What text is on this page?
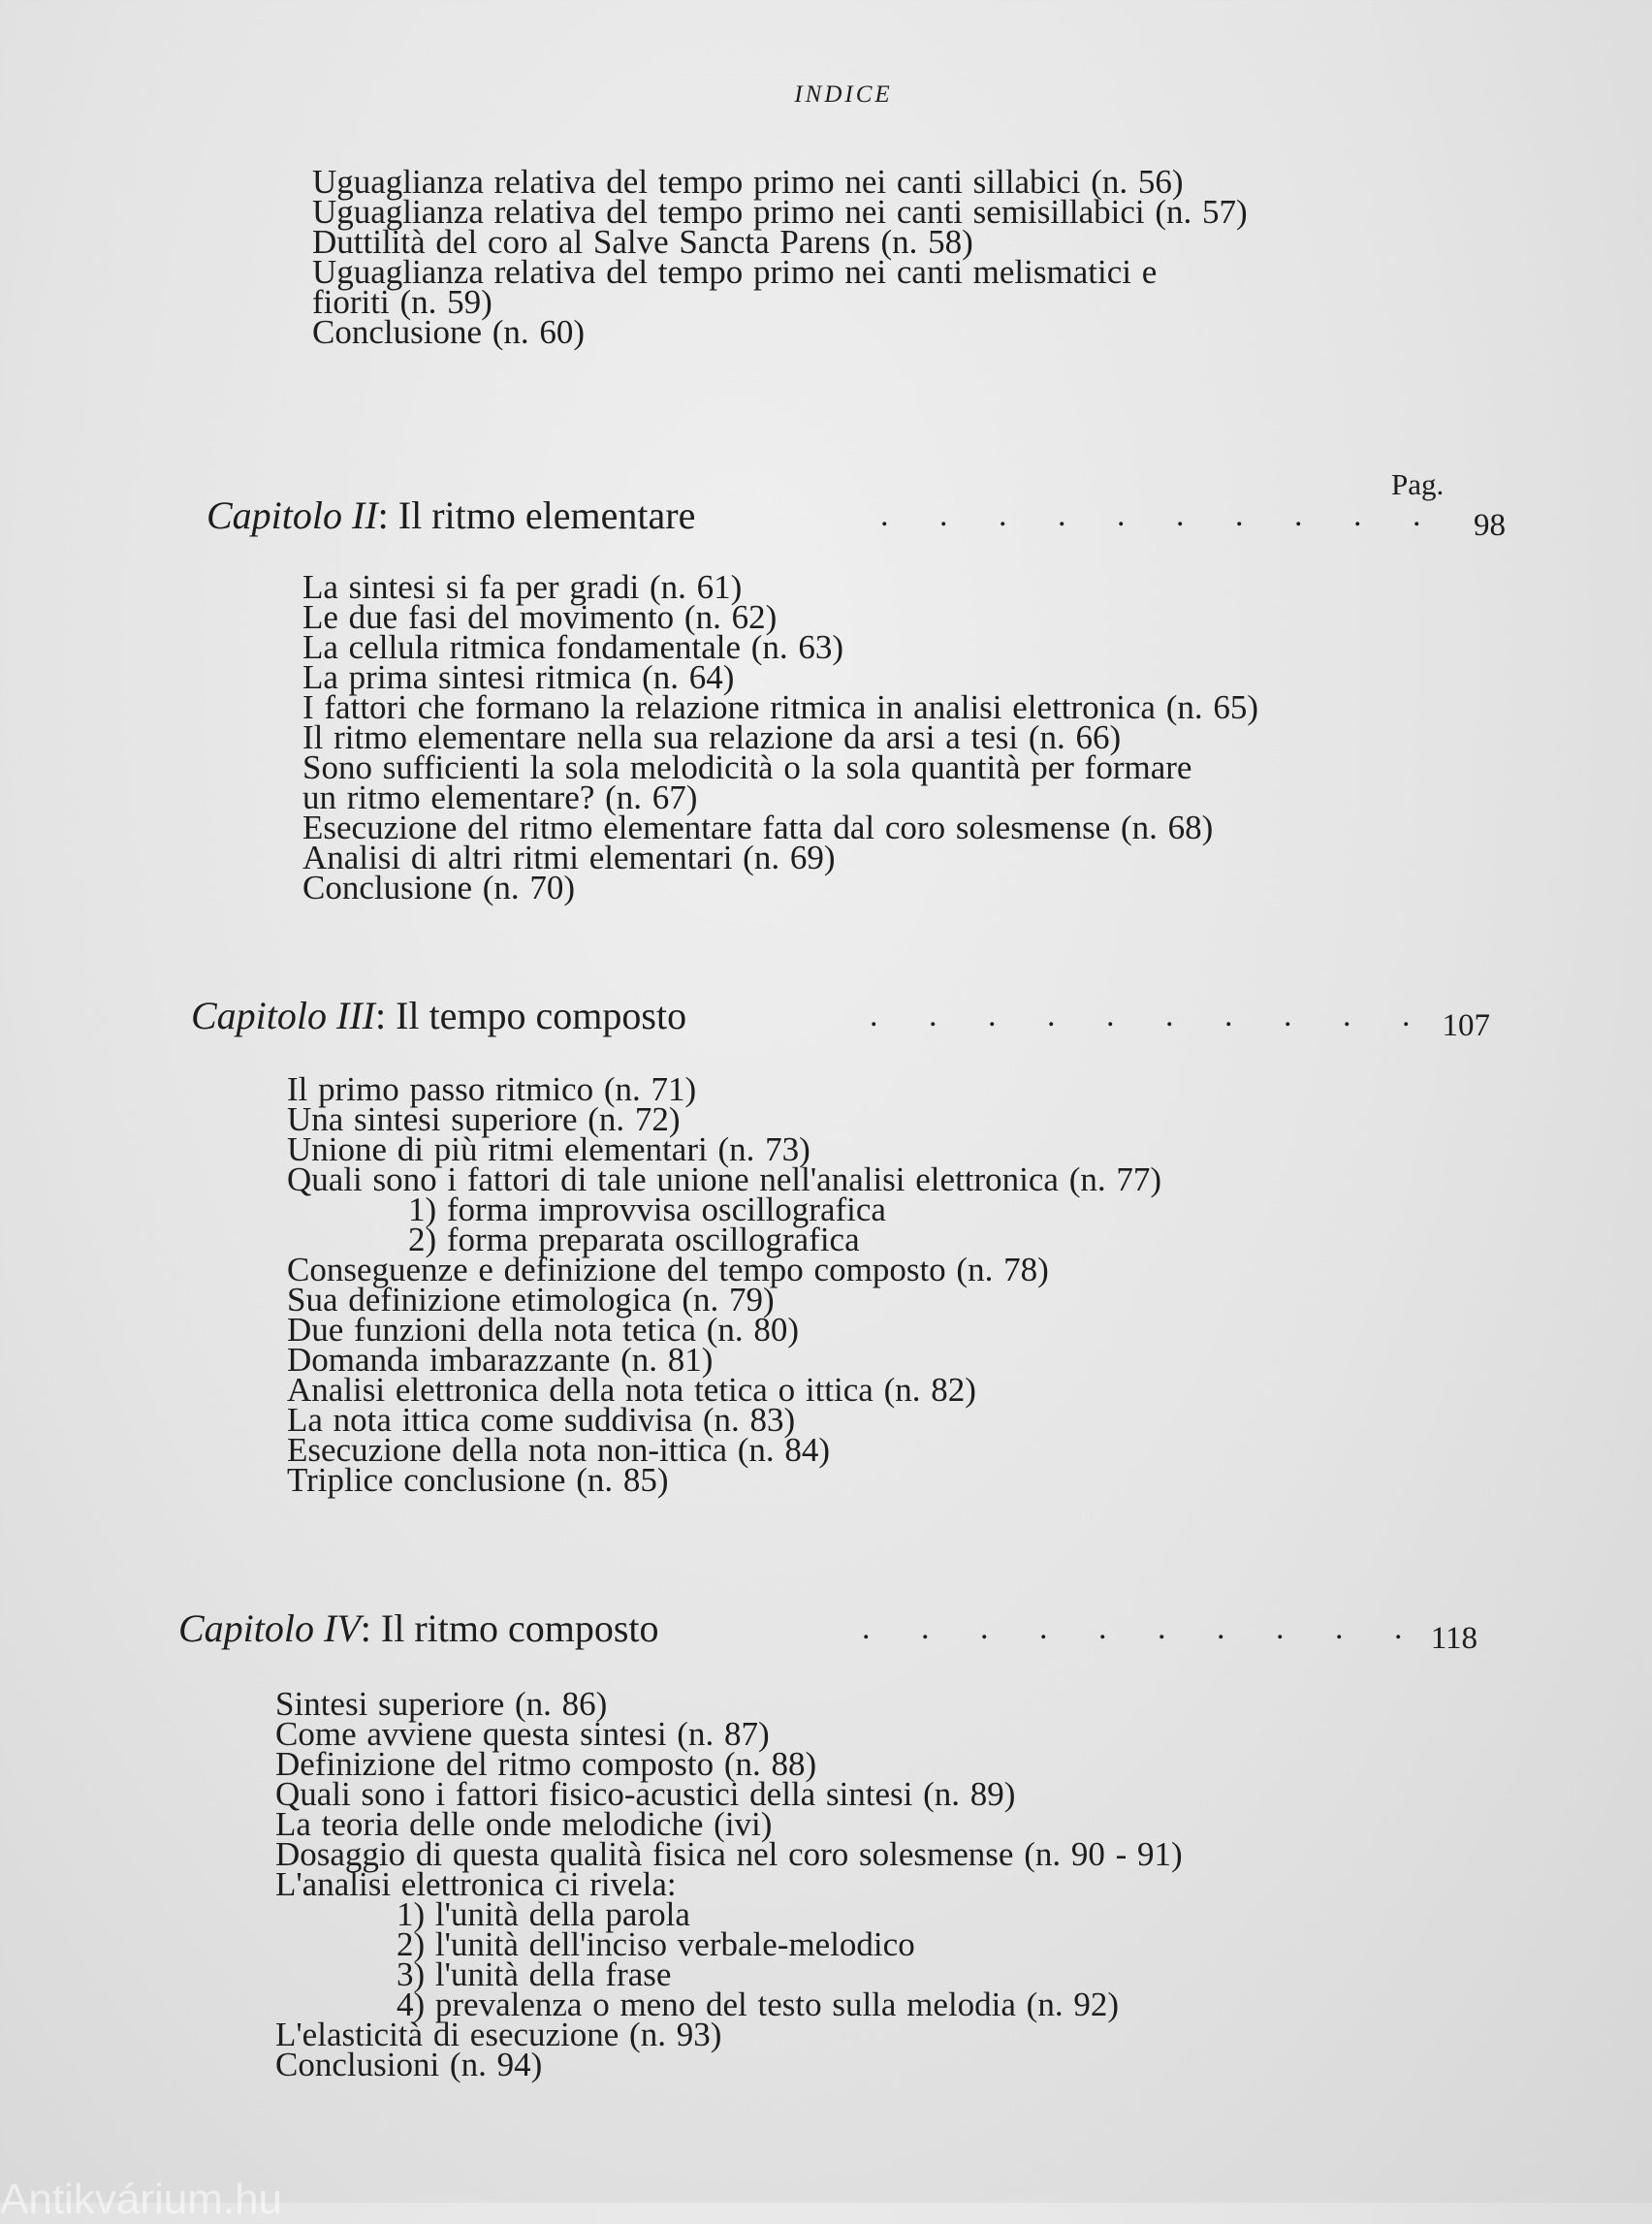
INDICE
Uguaglianza relativa del tempo primo nei canti sillabici (n. 56)
Uguaglianza relativa del tempo primo nei canti semisillabici (n. 57)
Duttilità del coro al Salve Sancta Parens (n. 58)
Uguaglianza relativa del tempo primo nei canti melismatici e
fioriti (n. 59)
Conclusione (n. 60)
Pag.
Capitolo II: Il ritmo elementare	. . . . . . . . . . 98
La sintesi si fa per gradi (n. 61)
Le due fasi del movimento (n. 62)
La cellula ritmica fondamentale (n. 63)
La prima sintesi ritmica (n. 64)
I fattori che formano la relazione ritmica in analisi elettronica (n. 65)
Il ritmo elementare nella sua relazione da arsi a tesi (n. 66)
Sono sufficienti la sola melodicità o la sola quantità per formare
un ritmo elementare? (n. 67)
Esecuzione del ritmo elementare fatta dal coro solesmense (n. 68)
Analisi di altri ritmi elementari (n. 69)
Conclusione (n. 70)
Capitolo III: Il tempo composto	. . . . . . . . . . 107
Il primo passo ritmico (n. 71)
Una sintesi superiore (n. 72)
Unione di più ritmi elementari (n. 73)
Quali sono i fattori di tale unione nell'analisi elettronica (n. 77)
1) forma improvvisa oscillografica
2) forma preparata oscillografica
Conseguenze e definizione del tempo composto (n. 78)
Sua definizione etimologica (n. 79)
Due funzioni della nota tetica (n. 80)
Domanda imbarazzante (n. 81)
Analisi elettronica della nota tetica o ittica (n. 82)
La nota ittica come suddivisa (n. 83)
Esecuzione della nota non-ittica (n. 84)
Triplice conclusione (n. 85)
Capitolo IV: Il ritmo composto	. . . . . . . . . . 118
Sintesi superiore (n. 86)
Come avviene questa sintesi (n. 87)
Definizione del ritmo composto (n. 88)
Quali sono i fattori fisico-acustici della sintesi (n. 89)
La teoria delle onde melodiche (ivi)
Dosaggio di questa qualità fisica nel coro solesmense (n. 90 - 91)
L'analisi elettronica ci rivela:
1) l'unità della parola
2) l'unità dell'inciso verbale-melodico
3) l'unità della frase
4) prevalenza o meno del testo sulla melodia (n. 92)
L'elasticità di esecuzione (n. 93)
Conclusioni (n. 94)
Antikvárium.hu
